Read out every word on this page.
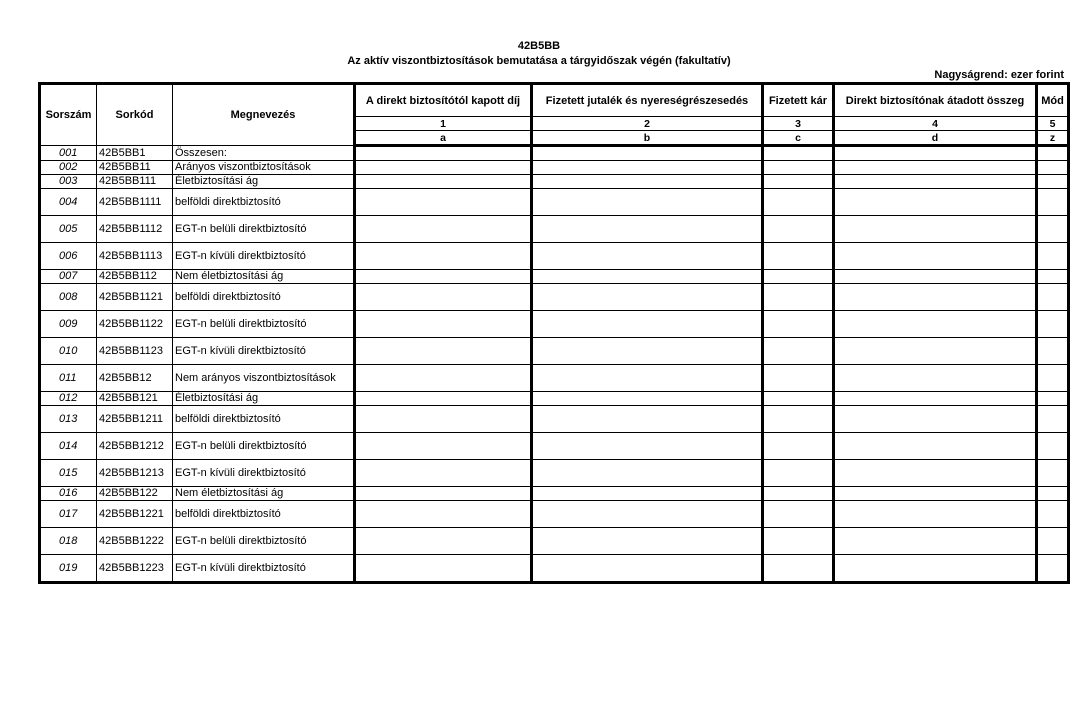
42B5BB
Az aktív viszontbiztosítások bemutatása a tárgyidőszak végén (fakultatív)
Nagyságrend: ezer forint
Sorszám	Sorkód	Megnevezés	A direkt biztosítótól kapott díj	Fizetett jutalék és nyereségrészesedés	Fizetett kár	Direkt biztosítónak átadott összeg	Mód
			1	2	3	4	5
			a	b	c	d	z
001	42B5BB1	Összesen:					
002	42B5BB11	Arányos viszontbiztosítások					
003	42B5BB111	Életbiztosítási ág					
004	42B5BB1111	belföldi direktbiztosító					
005	42B5BB1112	EGT-n belüli direktbiztosító					
006	42B5BB1113	EGT-n kívüli direktbiztosító					
007	42B5BB112	Nem életbiztosítási ág					
008	42B5BB1121	belföldi direktbiztosító					
009	42B5BB1122	EGT-n belüli direktbiztosító					
010	42B5BB1123	EGT-n kívüli direktbiztosító					
011	42B5BB12	Nem arányos viszontbiztosítások					
012	42B5BB121	Életbiztosítási ág					
013	42B5BB1211	belföldi direktbiztosító					
014	42B5BB1212	EGT-n belüli direktbiztosító					
015	42B5BB1213	EGT-n kívüli direktbiztosító					
016	42B5BB122	Nem életbiztosítási ág					
017	42B5BB1221	belföldi direktbiztosító					
018	42B5BB1222	EGT-n belüli direktbiztosító					
019	42B5BB1223	EGT-n kívüli direktbiztosító					
